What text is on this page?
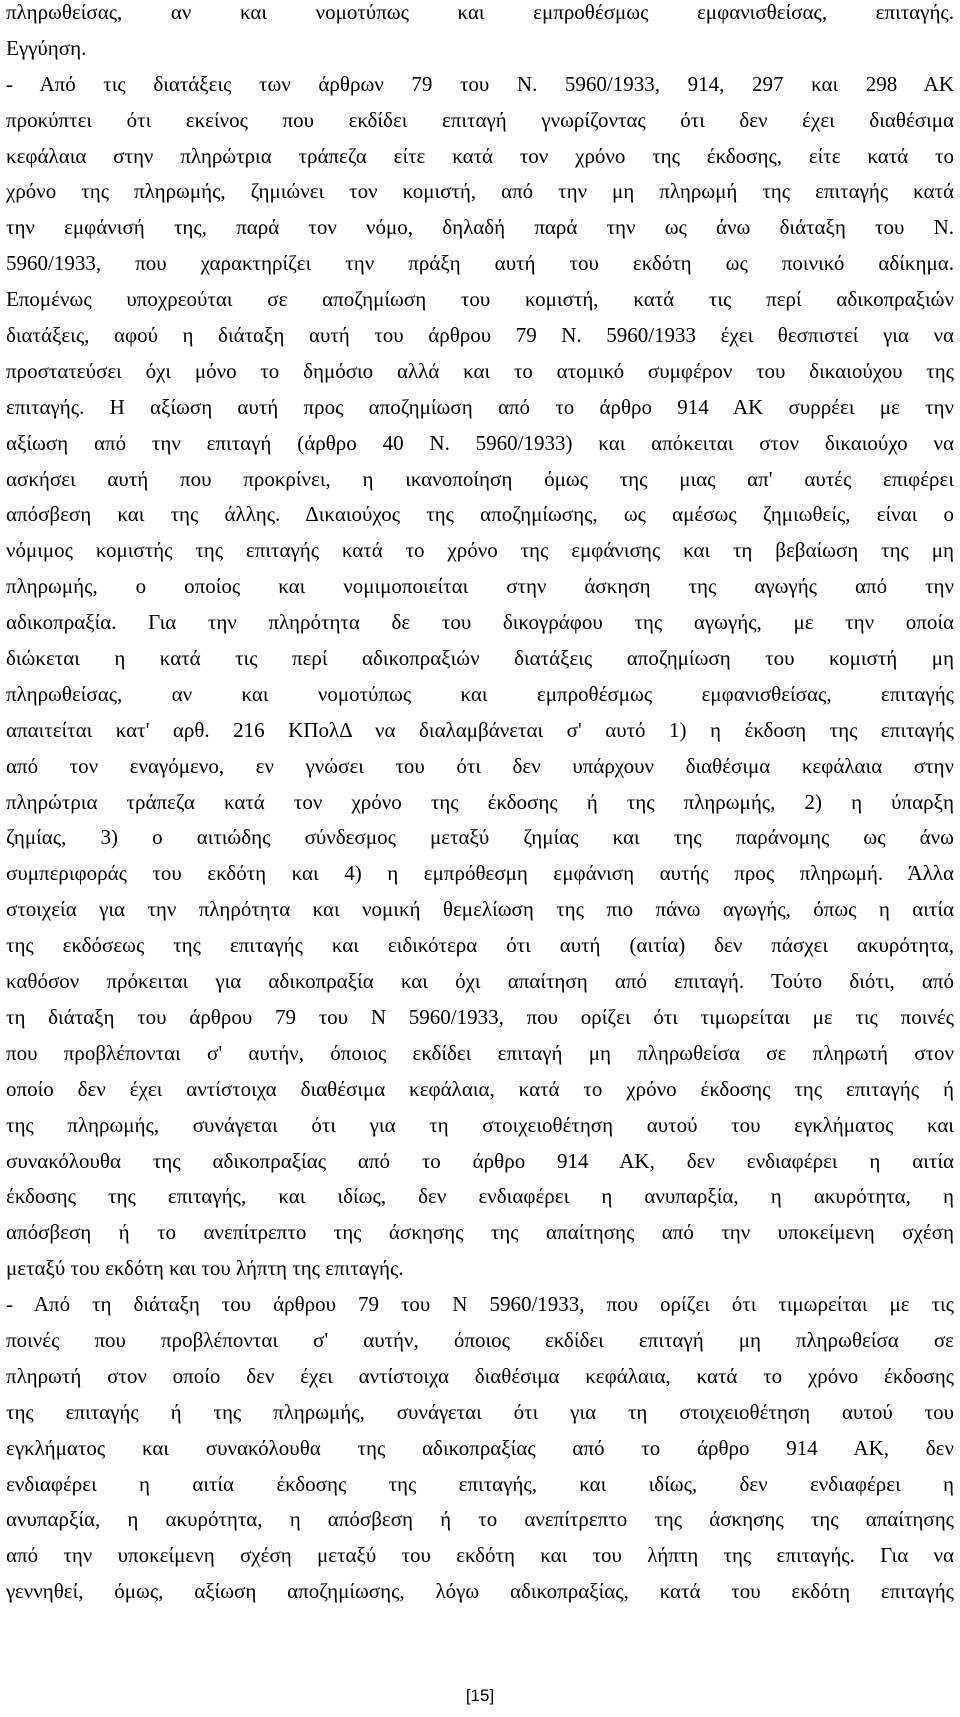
πληρωθείσας, αν και νομοτύπως και εμπροθέσμως εμφανισθείσας, επιταγής.
Εγγύηση.
- Από τις διατάξεις των άρθρων 79 του Ν. 5960/1933, 914, 297 και 298 ΑΚ
προκύπτει ότι εκείνος που εκδίδει επιταγή γνωρίζοντας ότι δεν έχει διαθέσιμα
κεφάλαια στην πληρώτρια τράπεζα είτε κατά τον χρόνο της έκδοσης, είτε κατά το
χρόνο της πληρωμής, ζημιώνει τον κομιστή, από την μη πληρωμή της επιταγής κατά
την εμφάνισή της, παρά τον νόμο, δηλαδή παρά την ως άνω διάταξη του Ν.
5960/1933, που χαρακτηρίζει την πράξη αυτή του εκδότη ως ποινικό αδίκημα.
Επομένως υποχρεούται σε αποζημίωση του κομιστή, κατά τις περί αδικοπραξιών
διατάξεις, αφού η διάταξη αυτή του άρθρου 79 Ν. 5960/1933 έχει θεσπιστεί για να
προστατεύσει όχι μόνο το δημόσιο αλλά και το ατομικό συμφέρον του δικαιούχου της
επιταγής. Η αξίωση αυτή προς αποζημίωση από το άρθρο 914 ΑΚ συρρέει με την
αξίωση από την επιταγή (άρθρο 40 Ν. 5960/1933) και απόκειται στον δικαιούχο να
ασκήσει αυτή που προκρίνει, η ικανοποίηση όμως της μιας απ' αυτές επιφέρει
απόσβεση και της άλλης. Δικαιούχος της αποζημίωσης, ως αμέσως ζημιωθείς, είναι ο
νόμιμος κομιστής της επιταγής κατά το χρόνο της εμφάνισης και τη βεβαίωση της μη
πληρωμής, ο οποίος και νομιμοποιείται στην άσκηση της αγωγής από την
αδικοπραξία. Για την πληρότητα δε του δικογράφου της αγωγής, με την οποία
διώκεται η κατά τις περί αδικοπραξιών διατάξεις αποζημίωση του κομιστή μη
πληρωθείσας, αν και νομοτύπως και εμπροθέσμως εμφανισθείσας, επιταγής
απαιτείται κατ' αρθ. 216 ΚΠολΔ να διαλαμβάνεται σ' αυτό 1) η έκδοση της επιταγής
από τον εναγόμενο, εν γνώσει του ότι δεν υπάρχουν διαθέσιμα κεφάλαια στην
πληρώτρια τράπεζα κατά τον χρόνο της έκδοσης ή της πληρωμής, 2) η ύπαρξη
ζημίας, 3) ο αιτιώδης σύνδεσμος μεταξύ ζημίας και της παράνομης ως άνω
συμπεριφοράς του εκδότη και 4) η εμπρόθεσμη εμφάνιση αυτής προς πληρωμή. Άλλα
στοιχεία για την πληρότητα και νομική θεμελίωση της πιο πάνω αγωγής, όπως η αιτία
της εκδόσεως της επιταγής και ειδικότερα ότι αυτή (αιτία) δεν πάσχει ακυρότητα,
καθόσον πρόκειται για αδικοπραξία και όχι απαίτηση από επιταγή. Τούτο διότι, από
τη διάταξη του άρθρου 79 του Ν 5960/1933, που ορίζει ότι τιμωρείται με τις ποινές
που προβλέπονται σ' αυτήν, όποιος εκδίδει επιταγή μη πληρωθείσα σε πληρωτή στον
οποίο δεν έχει αντίστοιχα διαθέσιμα κεφάλαια, κατά το χρόνο έκδοσης της επιταγής ή
της πληρωμής, συνάγεται ότι για τη στοιχειοθέτηση αυτού του εγκλήματος και
συνακόλουθα της αδικοπραξίας από το άρθρο 914 ΑΚ, δεν ενδιαφέρει η αιτία
έκδοσης της επιταγής, και ιδίως, δεν ενδιαφέρει η ανυπαρξία, η ακυρότητα, η
απόσβεση ή το ανεπίτρεπτο της άσκησης της απαίτησης από την υποκείμενη σχέση
μεταξύ του εκδότη και του λήπτη της επιταγής.
- Από τη διάταξη του άρθρου 79 του Ν 5960/1933, που ορίζει ότι τιμωρείται με τις
ποινές που προβλέπονται σ' αυτήν, όποιος εκδίδει επιταγή μη πληρωθείσα σε
πληρωτή στον οποίο δεν έχει αντίστοιχα διαθέσιμα κεφάλαια, κατά το χρόνο έκδοσης
της επιταγής ή της πληρωμής, συνάγεται ότι για τη στοιχειοθέτηση αυτού του
εγκλήματος και συνακόλουθα της αδικοπραξίας από το άρθρο 914 ΑΚ, δεν
ενδιαφέρει η αιτία έκδοσης της επιταγής, και ιδίως, δεν ενδιαφέρει η
ανυπαρξία, η ακυρότητα, η απόσβεση ή το ανεπίτρεπτο της άσκησης της απαίτησης
από την υποκείμενη σχέση μεταξύ του εκδότη και του λήπτη της επιταγής. Για να
γεννηθεί, όμως, αξίωση αποζημίωσης, λόγω αδικοπραξίας, κατά του εκδότη επιταγής
[15]
